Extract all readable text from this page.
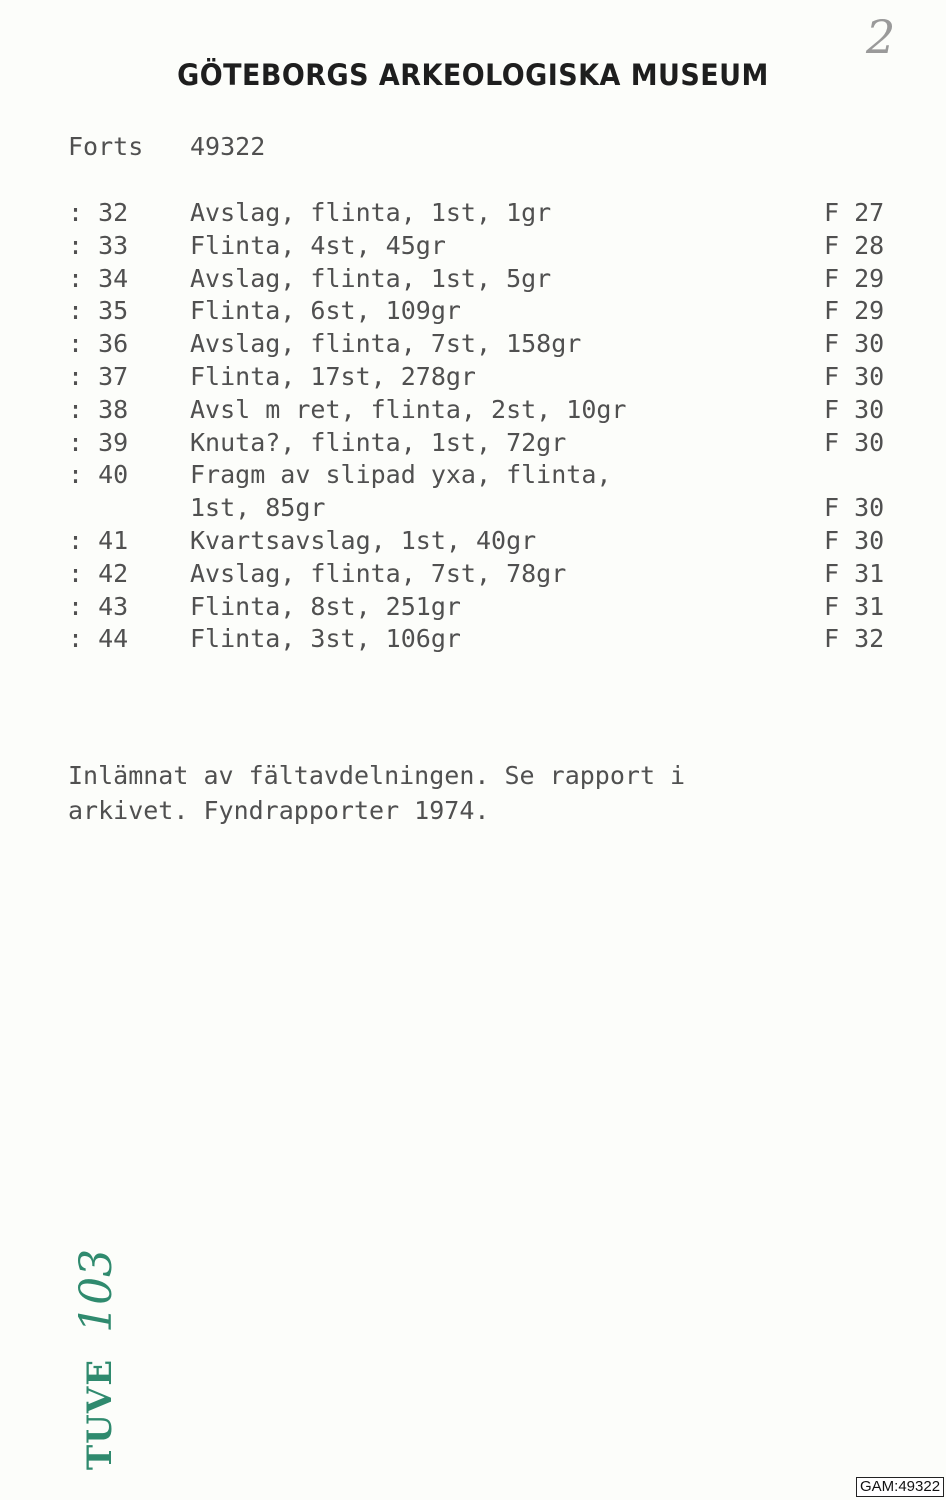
GÖTEBORGS ARKEOLOGISKA MUSEUM
2
Forts 49322
: 32 Avslag, flinta, 1st, 1gr	F 27
: 33 Flinta, 4st, 45gr	F 28
: 34 Avslag, flinta, 1st, 5gr	F 29
: 35 Flinta, 6st, 109gr	F 29
: 36 Avslag, flinta, 7st, 158gr	F 30
: 37 Flinta, 17st, 278gr	F 30
: 38 Avsl m ret, flinta, 2st, 10gr	F 30
: 39 Knuta?, flinta, 1st, 72gr	F 30
: 40 Fragm av slipad yxa, flinta,
1st, 85gr	F 30
: 41 Kvartsavslag, 1st, 40gr	F 30
: 42 Avslag, flinta, 7st, 78gr	F 31
: 43 Flinta, 8st, 251gr	F 31
: 44 Flinta, 3st, 106gr	F 32
Inlämnat av fältavdelningen. Se rapport i
arkivet. Fyndrapporter 1974.
TUVE103
GAM:49322
